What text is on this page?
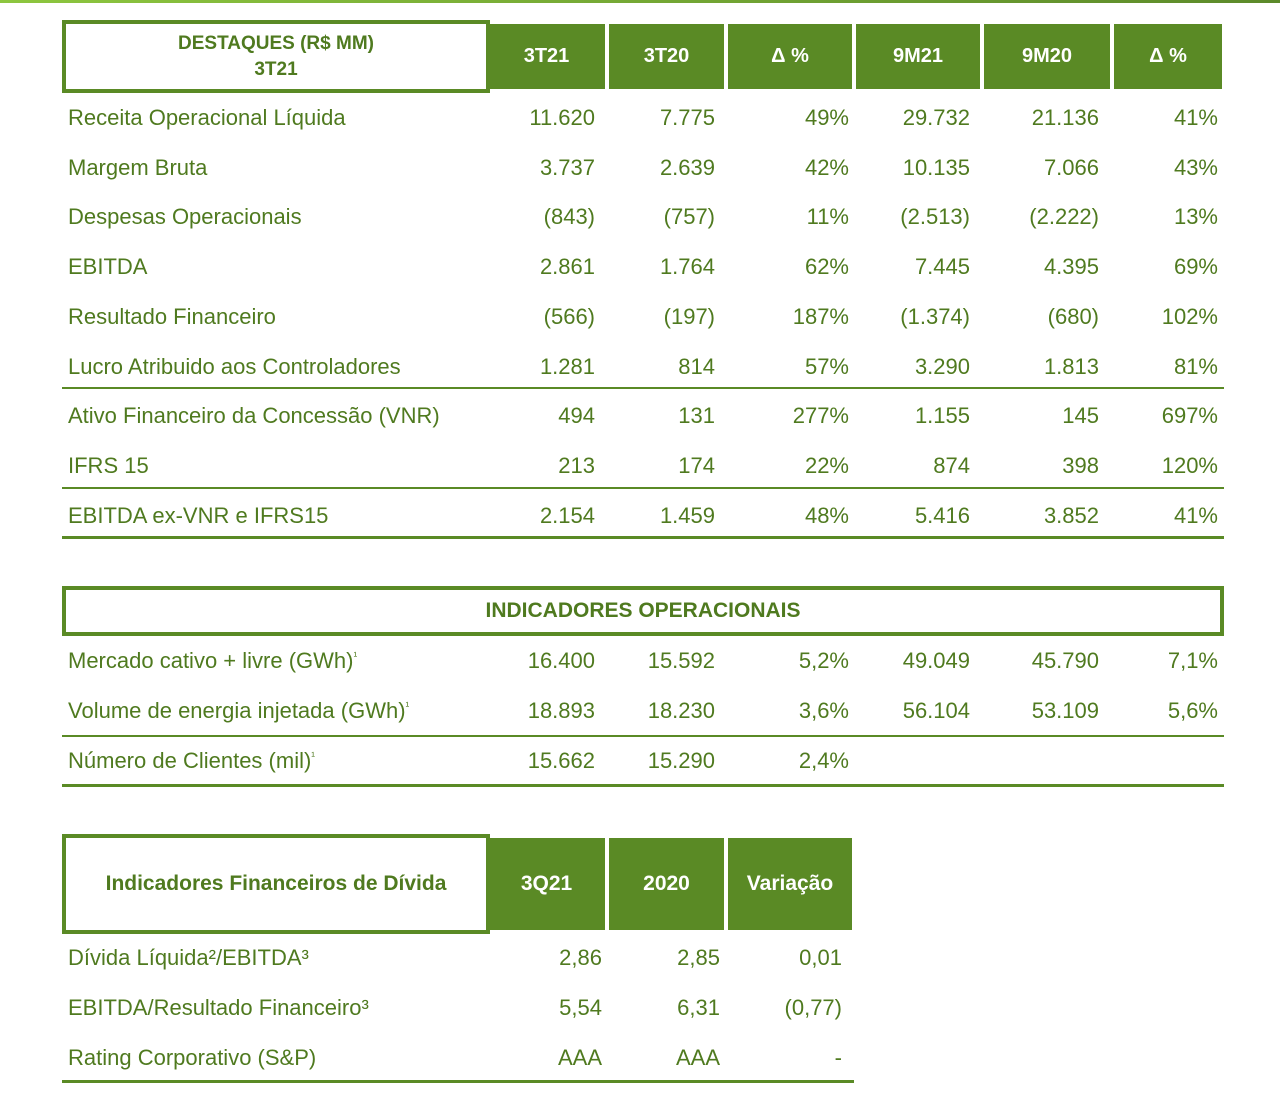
DESTAQUES (R$ MM)
3T21
3T21	3T20	Δ %	9M21	9M20	Δ %
Receita Operacional Líquida	11.620	7.775	49% 29.732	21.136	41%
Margem Bruta	3.737	2.639	42% 10.135	7.066	43%
Despesas Operacionais	(843)	(757)	11% (2.513)	(2.222)	13%
EBITDA	2.861	1.764	62%	7.445	4.395	69%
Resultado Financeiro	(566)	(197)	187% (1.374)	(680)	102%
Lucro Atribuido aos Controladores	1.281	814	57%	3.290	1.813	81%
Ativo Financeiro da Concessão (VNR)	494	131	277%	1.155	145	697%
IFRS 15	213	174	22%	874	398	120%
EBITDA ex-VNR e IFRS15	2.154	1.459	48%	5.416	3.852	41%
INDICADORES OPERACIONAIS
Mercado cativo + livre (GWh)$^{^1}$	16.400 15.592	5,2% 49.049	45.790	7,1%
Volume de energia injetada (GWh)$^{^1}$	18.893 18.230	3,6% 56.104	53.109	5,6%
Número de Clientes (mil)$^{^1}$	15.662 15.290	2,4%
Indicadores Financeiros de Dívida	3Q21	2020	Variação
Dívida Líquida²/EBITDA³	2,86	2,85	0,01
EBITDA/Resultado Financeiro³	5,54	6,31	(0,77)
Rating Corporativo (S&P)	AAA	AAA	-
